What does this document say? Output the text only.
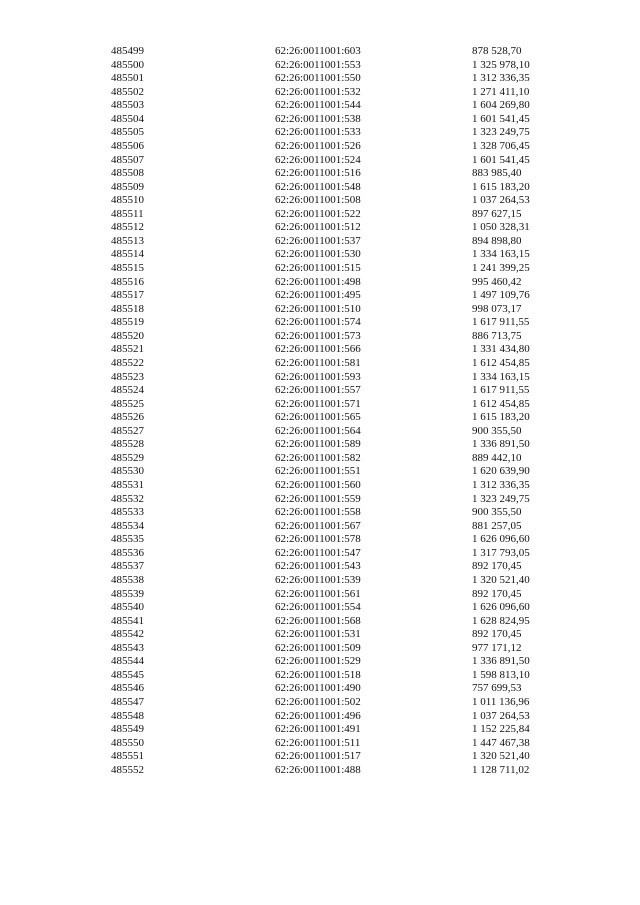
485499	62:26:0011001:603	878 528,70
485500	62:26:0011001:553	1 325 978,10
485501	62:26:0011001:550	1 312 336,35
485502	62:26:0011001:532	1 271 411,10
485503	62:26:0011001:544	1 604 269,80
485504	62:26:0011001:538	1 601 541,45
485505	62:26:0011001:533	1 323 249,75
485506	62:26:0011001:526	1 328 706,45
485507	62:26:0011001:524	1 601 541,45
485508	62:26:0011001:516	883 985,40
485509	62:26:0011001:548	1 615 183,20
485510	62:26:0011001:508	1 037 264,53
485511	62:26:0011001:522	897 627,15
485512	62:26:0011001:512	1 050 328,31
485513	62:26:0011001:537	894 898,80
485514	62:26:0011001:530	1 334 163,15
485515	62:26:0011001:515	1 241 399,25
485516	62:26:0011001:498	995 460,42
485517	62:26:0011001:495	1 497 109,76
485518	62:26:0011001:510	998 073,17
485519	62:26:0011001:574	1 617 911,55
485520	62:26:0011001:573	886 713,75
485521	62:26:0011001:566	1 331 434,80
485522	62:26:0011001:581	1 612 454,85
485523	62:26:0011001:593	1 334 163,15
485524	62:26:0011001:557	1 617 911,55
485525	62:26:0011001:571	1 612 454,85
485526	62:26:0011001:565	1 615 183,20
485527	62:26:0011001:564	900 355,50
485528	62:26:0011001:589	1 336 891,50
485529	62:26:0011001:582	889 442,10
485530	62:26:0011001:551	1 620 639,90
485531	62:26:0011001:560	1 312 336,35
485532	62:26:0011001:559	1 323 249,75
485533	62:26:0011001:558	900 355,50
485534	62:26:0011001:567	881 257,05
485535	62:26:0011001:578	1 626 096,60
485536	62:26:0011001:547	1 317 793,05
485537	62:26:0011001:543	892 170,45
485538	62:26:0011001:539	1 320 521,40
485539	62:26:0011001:561	892 170,45
485540	62:26:0011001:554	1 626 096,60
485541	62:26:0011001:568	1 628 824,95
485542	62:26:0011001:531	892 170,45
485543	62:26:0011001:509	977 171,12
485544	62:26:0011001:529	1 336 891,50
485545	62:26:0011001:518	1 598 813,10
485546	62:26:0011001:490	757 699,53
485547	62:26:0011001:502	1 011 136,96
485548	62:26:0011001:496	1 037 264,53
485549	62:26:0011001:491	1 152 225,84
485550	62:26:0011001:511	1 447 467,38
485551	62:26:0011001:517	1 320 521,40
485552	62:26:0011001:488	1 128 711,02
